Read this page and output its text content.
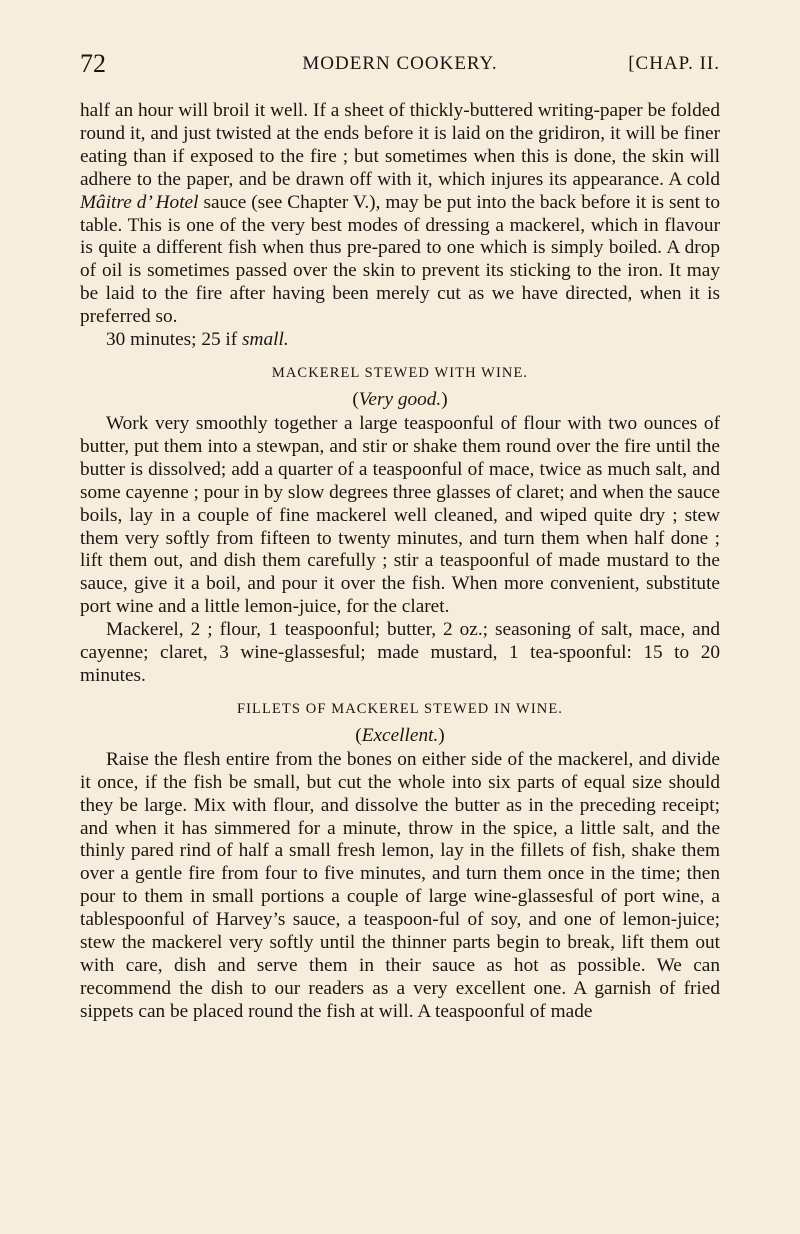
72	MODERN COOKERY.	[CHAP. II.

half an hour will broil it well. If a sheet of thickly-buttered writing-paper be folded round it, and just twisted at the ends before it is laid on the gridiron, it will be finer eating than if exposed to the fire ; but sometimes when this is done, the skin will adhere to the paper, and be drawn off with it, which injures its appearance. A cold Mâitre d’ Hotel sauce (see Chapter V.), may be put into the back before it is sent to table. This is one of the very best modes of dressing a mackerel, which in flavour is quite a different fish when thus pre-pared to one which is simply boiled. A drop of oil is sometimes passed over the skin to prevent its sticking to the iron. It may be laid to the fire after having been merely cut as we have directed, when it is preferred so.

30 minutes; 25 if small.

MACKEREL STEWED WITH WINE.
(Very good.)

Work very smoothly together a large teaspoonful of flour with two ounces of butter, put them into a stewpan, and stir or shake them round over the fire until the butter is dissolved; add a quarter of a teaspoonful of mace, twice as much salt, and some cayenne ; pour in by slow degrees three glasses of claret; and when the sauce boils, lay in a couple of fine mackerel well cleaned, and wiped quite dry ; stew them very softly from fifteen to twenty minutes, and turn them when half done ; lift them out, and dish them carefully ; stir a teaspoonful of made mustard to the sauce, give it a boil, and pour it over the fish. When more convenient, substitute port wine and a little lemon-juice, for the claret.

Mackerel, 2 ; flour, 1 teaspoonful; butter, 2 oz.; seasoning of salt, mace, and cayenne; claret, 3 wine-glassesful; made mustard, 1 tea-spoonful: 15 to 20 minutes.

FILLETS OF MACKEREL STEWED IN WINE.
(Excellent.)

Raise the flesh entire from the bones on either side of the mackerel, and divide it once, if the fish be small, but cut the whole into six parts of equal size should they be large. Mix with flour, and dissolve the butter as in the preceding receipt; and when it has simmered for a minute, throw in the spice, a little salt, and the thinly pared rind of half a small fresh lemon, lay in the fillets of fish, shake them over a gentle fire from four to five minutes, and turn them once in the time; then pour to them in small portions a couple of large wine-glassesful of port wine, a tablespoonful of Harvey’s sauce, a teaspoon-ful of soy, and one of lemon-juice; stew the mackerel very softly until the thinner parts begin to break, lift them out with care, dish and serve them in their sauce as hot as possible. We can recommend the dish to our readers as a very excellent one. A garnish of fried sippets can be placed round the fish at will. A teaspoonful of made
